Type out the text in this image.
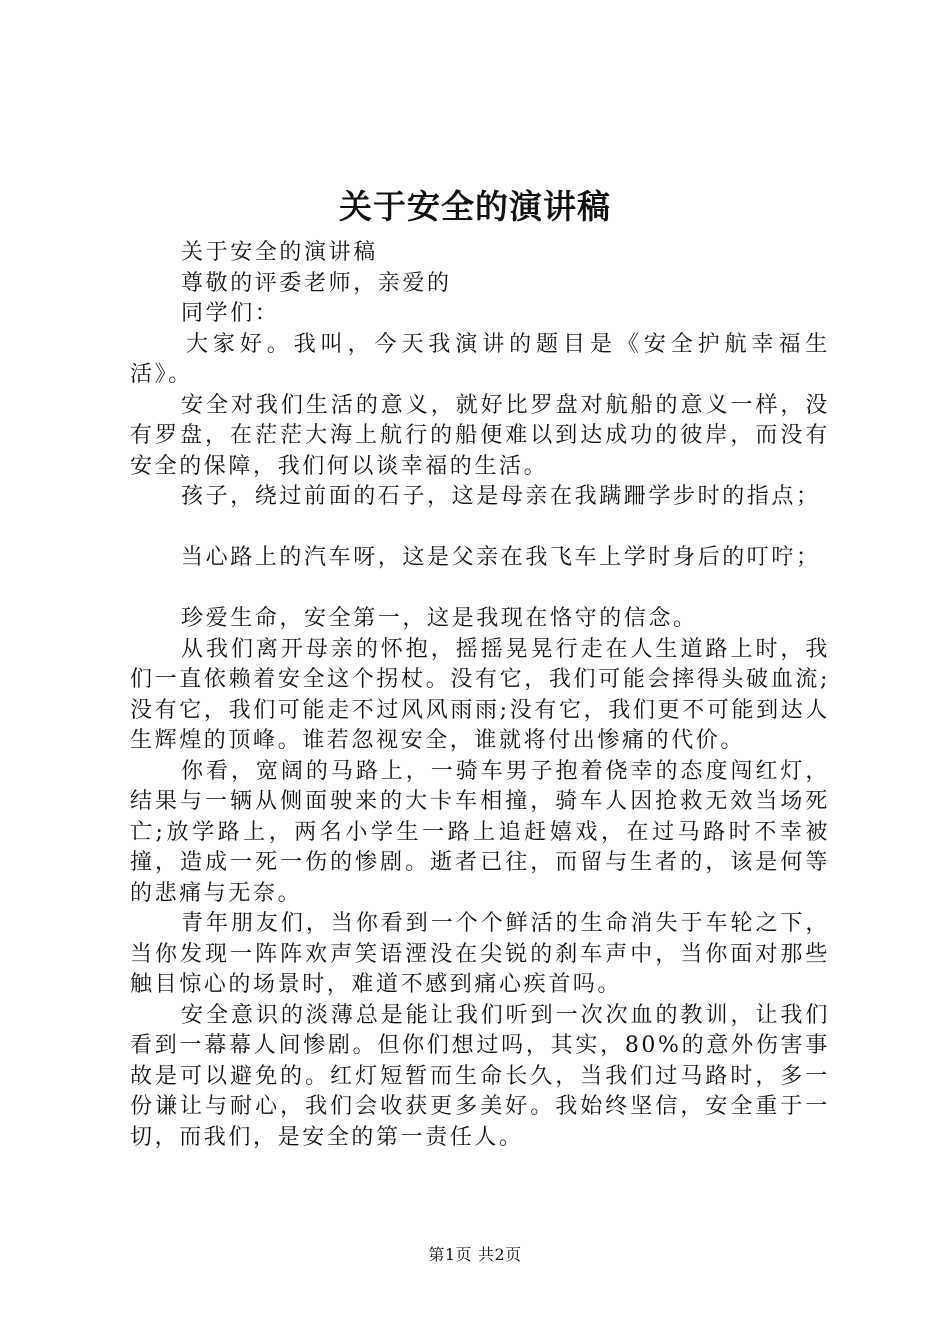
关于安全的演讲稿

关于安全的演讲稿

尊敬的评委老师，亲爱的

同学们：

大家好。我叫，今天我演讲的题目是《安全护航幸福生活》。

安全对我们生活的意义，就好比罗盘对航船的意义一样，没有罗盘，在茫茫大海上航行的船便难以到达成功的彼岸，而没有安全的保障，我们何以谈幸福的生活。

孩子，绕过前面的石子，这是母亲在我蹒跚学步时的指点；

当心路上的汽车呀，这是父亲在我飞车上学时身后的叮咛；

珍爱生命，安全第一，这是我现在恪守的信念。

从我们离开母亲的怀抱，摇摇晃晃行走在人生道路上时，我们一直依赖着安全这个拐杖。没有它，我们可能会摔得头破血流;没有它，我们可能走不过风风雨雨;没有它，我们更不可能到达人生辉煌的顶峰。谁若忽视安全，谁就将付出惨痛的代价。

你看，宽阔的马路上，一骑车男子抱着侥幸的态度闯红灯，结果与一辆从侧面驶来的大卡车相撞，骑车人因抢救无效当场死亡;放学路上，两名小学生一路上追赶嬉戏，在过马路时不幸被撞，造成一死一伤的惨剧。逝者已往，而留与生者的，该是何等的悲痛与无奈。

青年朋友们，当你看到一个个鲜活的生命消失于车轮之下，当你发现一阵阵欢声笑语湮没在尖锐的刹车声中，当你面对那些触目惊心的场景时，难道不感到痛心疾首吗。

安全意识的淡薄总是能让我们听到一次次血的教训，让我们看到一幕幕人间惨剧。但你们想过吗，其实，80%的意外伤害事故是可以避免的。红灯短暂而生命长久，当我们过马路时，多一份谦让与耐心，我们会收获更多美好。我始终坚信，安全重于一切，而我们，是安全的第一责任人。

第1页 共2页
